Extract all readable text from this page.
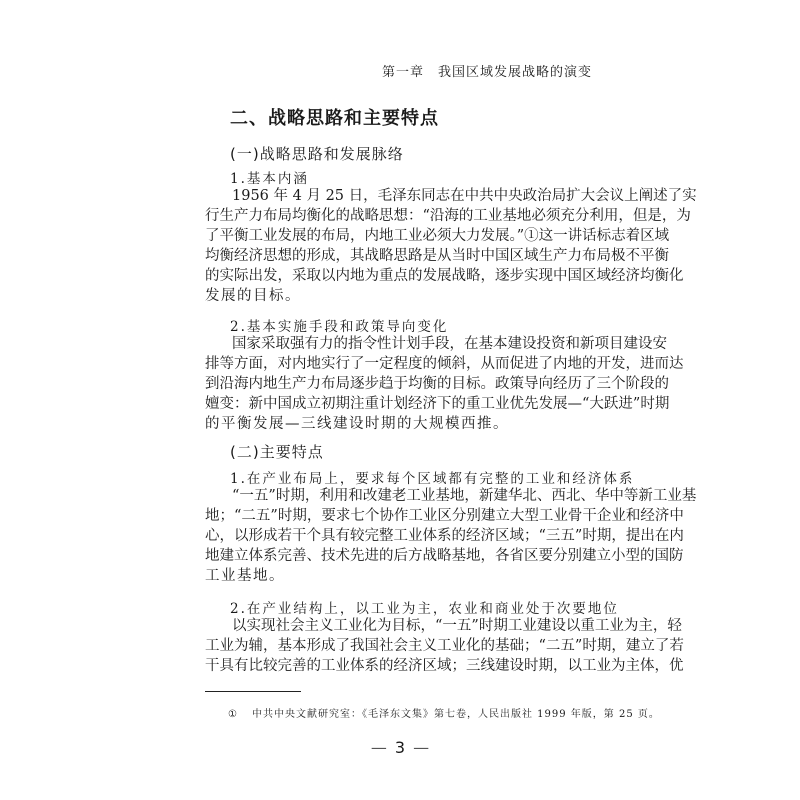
第一章　我国区域发展战略的演变
二、战略思路和主要特点
(一)战略思路和发展脉络
1.基本内涵
1956 年 4 月 25 日，毛泽东同志在中共中央政治局扩大会议上阐述了实
行生产力布局均衡化的战略思想：“沿海的工业基地必须充分利用，但是，为
了平衡工业发展的布局，内地工业必须大力发展。”①这一讲话标志着区域
均衡经济思想的形成，其战略思路是从当时中国区域生产力布局极不平衡
的实际出发，采取以内地为重点的发展战略，逐步实现中国区域经济均衡化
发展的目标。
2.基本实施手段和政策导向变化
国家采取强有力的指令性计划手段，在基本建设投资和新项目建设安
排等方面，对内地实行了一定程度的倾斜，从而促进了内地的开发，进而达
到沿海内地生产力布局逐步趋于均衡的目标。政策导向经历了三个阶段的
嬗变：新中国成立初期注重计划经济下的重工业优先发展—“大跃进”时期
的平衡发展—三线建设时期的大规模西推。
1.在产业布局上，要求每个区域都有完整的工业和经济体系
“一五”时期，利用和改建老工业基地，新建华北、西北、华中等新工业基
地；“二五”时期，要求七个协作工业区分别建立大型工业骨干企业和经济中
心，以形成若干个具有较完整工业体系的经济区域；“三五”时期，提出在内
地建立体系完善、技术先进的后方战略基地，各省区要分别建立小型的国防
工业基地。
2.在产业结构上，以工业为主，农业和商业处于次要地位
以实现社会主义工业化为目标，“一五”时期工业建设以重工业为主，轻
工业为辅，基本形成了我国社会主义工业化的基础；“二五”时期，建立了若
干具有比较完善的工业体系的经济区域；三线建设时期，以工业为主体，优
(二)主要特点
① 中共中央文献研究室：《毛泽东文集》第七卷，人民出版社 1999 年版，第 25 页。
— 3 —
